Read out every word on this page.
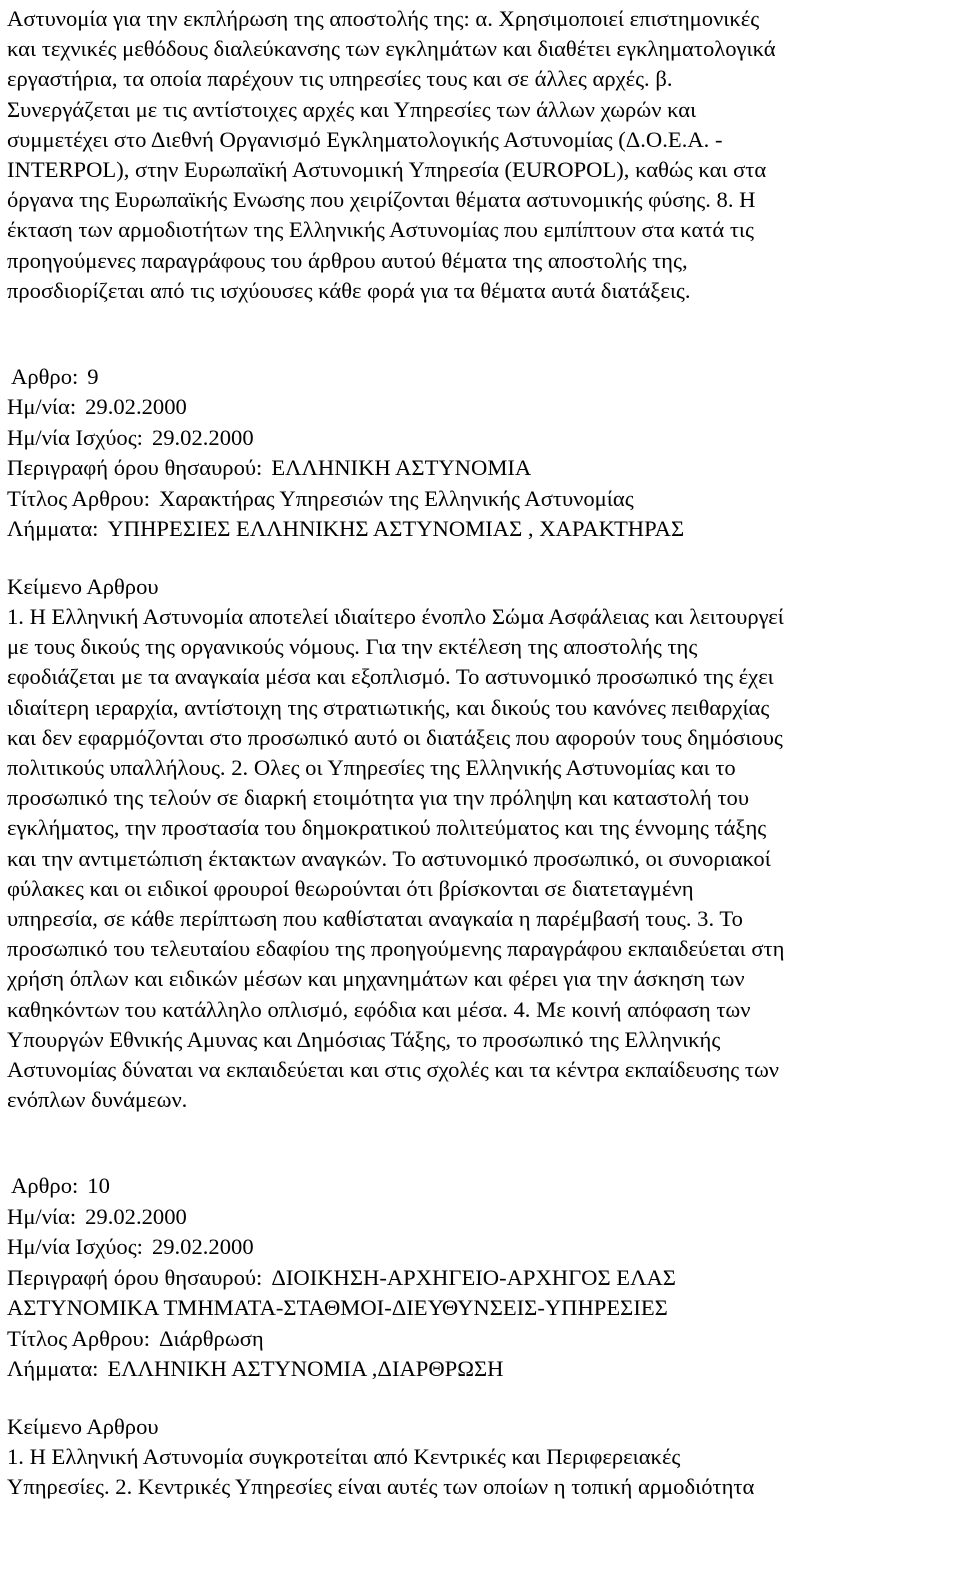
Αστυνομία για την εκπλήρωση της αποστολής της: α. Χρησιμοποιεί επιστημονικές
και τεχνικές μεθόδους διαλεύκανσης των εγκλημάτων και διαθέτει εγκληματολογικά
εργαστήρια, τα οποία παρέχουν τις υπηρεσίες τους και σε άλλες αρχές. β.
Συνεργάζεται με τις αντίστοιχες αρχές και Υπηρεσίες των άλλων χωρών και
συμμετέχει στο Διεθνή Οργανισμό Εγκληματολογικής Αστυνομίας (Δ.Ο.Ε.Α. -
INTERPOL), στην Ευρωπαϊκή Αστυνομική Υπηρεσία (EUROPOL), καθώς και στα
όργανα της Ευρωπαϊκής Ενωσης που χειρίζονται θέματα αστυνομικής φύσης. 8. Η
έκταση των αρμοδιοτήτων της Ελληνικής Αστυνομίας που εμπίπτουν στα κατά τις
προηγούμενες παραγράφους του άρθρου αυτού θέματα της αποστολής της,
προσδιορίζεται από τις ισχύουσες κάθε φορά για τα θέματα αυτά διατάξεις.
Αρθρο: 9
Ημ/νία: 29.02.2000
Ημ/νία Ισχύος: 29.02.2000
Περιγραφή όρου θησαυρού: ΕΛΛΗΝΙΚΗ ΑΣΤΥΝΟΜΙΑ
Τίτλος Αρθρου: Χαρακτήρας Υπηρεσιών της Ελληνικής Αστυνομίας
Λήμματα: ΥΠΗΡΕΣΙΕΣ ΕΛΛΗΝΙΚΗΣ ΑΣΤΥΝΟΜΙΑΣ , ΧΑΡΑΚΤΗΡΑΣ
Κείμενο Αρθρου
1. Η Ελληνική Αστυνομία αποτελεί ιδιαίτερο ένοπλο Σώμα Ασφάλειας και λειτουργεί
με τους δικούς της οργανικούς νόμους. Για την εκτέλεση της αποστολής της
εφοδιάζεται με τα αναγκαία μέσα και εξοπλισμό. Το αστυνομικό προσωπικό της έχει
ιδιαίτερη ιεραρχία, αντίστοιχη της στρατιωτικής, και δικούς του κανόνες πειθαρχίας
και δεν εφαρμόζονται στο προσωπικό αυτό οι διατάξεις που αφορούν τους δημόσιους
πολιτικούς υπαλλήλους. 2. Ολες οι Υπηρεσίες της Ελληνικής Αστυνομίας και το
προσωπικό της τελούν σε διαρκή ετοιμότητα για την πρόληψη και καταστολή του
εγκλήματος, την προστασία του δημοκρατικού πολιτεύματος και της έννομης τάξης
και την αντιμετώπιση έκτακτων αναγκών. Το αστυνομικό προσωπικό, οι συνοριακοί
φύλακες και οι ειδικοί φρουροί θεωρούνται ότι βρίσκονται σε διατεταγμένη
υπηρεσία, σε κάθε περίπτωση που καθίσταται αναγκαία η παρέμβασή τους. 3. Το
προσωπικό του τελευταίου εδαφίου της προηγούμενης παραγράφου εκπαιδεύεται στη
χρήση όπλων και ειδικών μέσων και μηχανημάτων και φέρει για την άσκηση των
καθηκόντων του κατάλληλο οπλισμό, εφόδια και μέσα. 4. Με κοινή απόφαση των
Υπουργών Εθνικής Αμυνας και Δημόσιας Τάξης, το προσωπικό της Ελληνικής
Αστυνομίας δύναται να εκπαιδεύεται και στις σχολές και τα κέντρα εκπαίδευσης των
ενόπλων δυνάμεων.
Αρθρο: 10
Ημ/νία: 29.02.2000
Ημ/νία Ισχύος: 29.02.2000
Περιγραφή όρου θησαυρού: ΔΙΟΙΚΗΣΗ-ΑΡΧΗΓΕΙΟ-ΑΡΧΗΓΟΣ ΕΛΑΣ
ΑΣΤΥΝΟΜΙΚΑ ΤΜΗΜΑΤΑ-ΣΤΑΘΜΟΙ-ΔΙΕΥΘΥΝΣΕΙΣ-ΥΠΗΡΕΣΙΕΣ
Τίτλος Αρθρου: Διάρθρωση
Λήμματα: ΕΛΛΗΝΙΚΗ ΑΣΤΥΝΟΜΙΑ ,ΔΙΑΡΘΡΩΣΗ
Κείμενο Αρθρου
1. Η Ελληνική Αστυνομία συγκροτείται από Κεντρικές και Περιφερειακές
Υπηρεσίες. 2. Κεντρικές Υπηρεσίες είναι αυτές των οποίων η τοπική αρμοδιότητα
